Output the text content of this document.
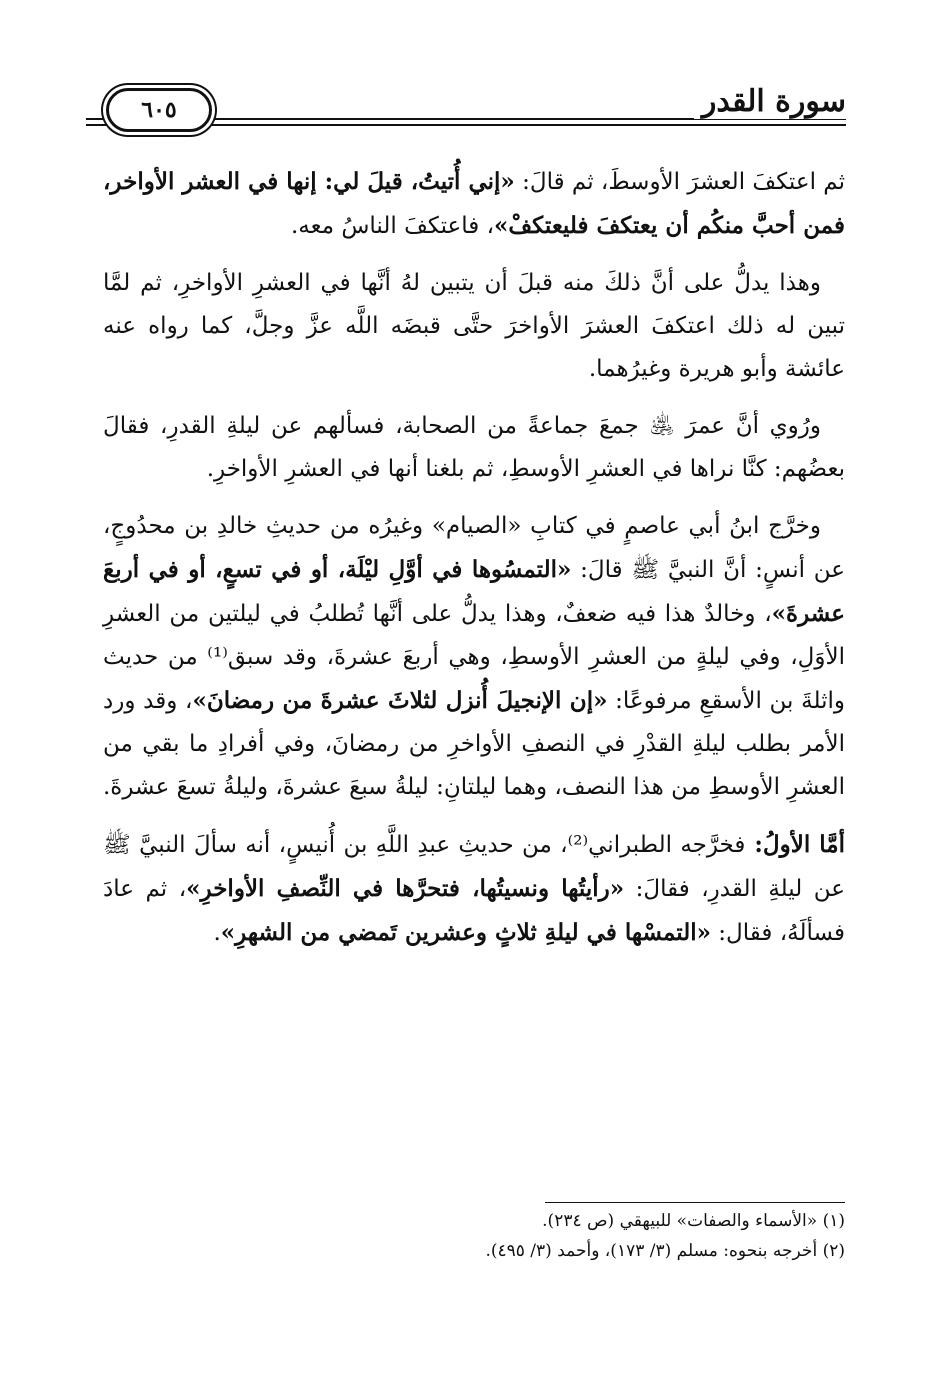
٦٠٥	سورة القدر

ثم اعتكفَ العشرَ الأوسطَ، ثم قالَ: «إني أُتيتُ، قيلَ لي: إنها في العشر الأواخر، فمن أحبَّ منكُم أن يعتكفَ فليعتكفْ»، فاعتكفَ الناسُ معه.

وهذا يدلُّ على أنَّ ذلكَ منه قبلَ أن يتبين لهُ أنَّها في العشرِ الأواخرِ، ثم لمَّا تبين له ذلك اعتكفَ العشرَ الأواخرَ حتَّى قبضَه اللَّه عزَّ وجلَّ، كما رواه عنه عائشة وأبو هريرة وغيرُهما.

ورُوي أنَّ عمرَ ﵁ جمعَ جماعةً من الصحابة، فسألهم عن ليلةِ القدرِ، فقالَ بعضُهم: كنَّا نراها في العشرِ الأوسطِ، ثم بلغنا أنها في العشرِ الأواخرِ.

وخرَّج ابنُ أبي عاصمٍ في كتابِ «الصيام» وغيرُه من حديثِ خالدِ بن محدُوجٍ، عن أنسٍ: أنَّ النبيَّ ﷺ قالَ: «التمسُوها في أوَّلِ ليْلَة، أو في تسعٍ، أو في أربعَ عشرةَ»، وخالدٌ هذا فيه ضعفٌ، وهذا يدلُّ على أنَّها تُطلبُ في ليلتين من العشرِ الأوَلِ، وفي ليلةٍ من العشرِ الأوسطِ، وهي أربعَ عشرةَ، وقد سبق⁽¹⁾ من حديث واثلةَ بن الأسقعِ مرفوعًا: «إن الإنجيلَ أُنزل لثلاثَ عشرةَ من رمضانَ»، وقد ورد الأمر بطلب ليلةِ القدْرِ في النصفِ الأواخرِ من رمضانَ، وفي أفرادِ ما بقي من العشرِ الأوسطِ من هذا النصف، وهما ليلتانِ: ليلةُ سبعَ عشرةَ، وليلةُ تسعَ عشرةَ.

أمَّا الأولُ: فخرَّجه الطبراني⁽²⁾، من حديثِ عبدِ اللَّهِ بن أُنيسٍ، أنه سألَ النبيَّ ﷺ عن ليلةِ القدرِ، فقالَ: «رأيتُها ونسيتُها، فتحرَّها في النِّصفِ الأواخرِ»، ثم عادَ فسألَهُ، فقال: «التمسْها في ليلةِ ثلاثٍ وعشرين تَمضي من الشهرِ».

(١) «الأسماء والصفات» للبيهقي (ص ٢٣٤).

(٢) أخرجه بنحوه: مسلم (٣/ ١٧٣)، وأحمد (٣/ ٤٩٥).
